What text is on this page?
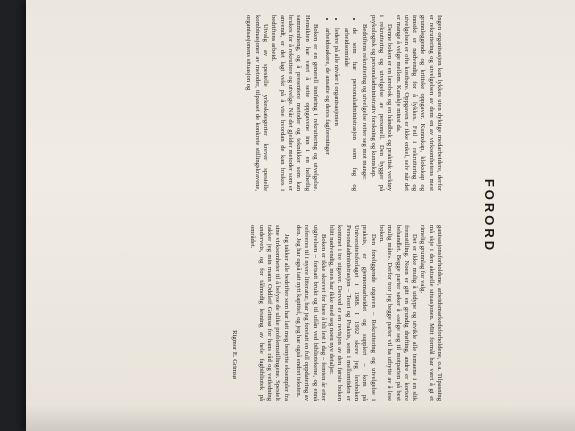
FORORD

Ingen organisasjon kan lykkes uten dyktige medarbeidere, derfor er rekruttering og utvelgelsen av dem en av virksomhetens mest grunnleggende og kritiske oppgaver. Kunnskap, klokskap og innsikt er nødvendig for å lykkes. Feil i rekruttering og utvelgelsen er ofte kostbare. Oppgaven er ikke enkel, selv når det er mange å velge mellom. Kanskje minst da.

Denne boken er en lærebok og en håndbok og praktisk verktøy i rekruttering og utvelgelse av personell. Den bygger på psykologisk og personaladministrativ forskning og kunnskap.

Bedriftens rekruttering og utvelgelse retter seg mot mange:

• de som har personaladministrasjon som fag og arbeidsområde
• ledere på alle nivåer i organisasjonen
• arbeidssøkere, de ansatte og deres fagforeninger

Boken er en generell innføring i rekruttering og utvelgelse. Hensikten har vært å sette oppgavene inn i en helhetlig sammenheng, og å presentere metoder og teknikker som kan brukes for å rekruttere og utvelge. Når det gjelder metoder som er anvendt, er det lagt vekt på å vise hvordan de kan brukes i bedriftens arbeid.

Utvalg av spesielle yrkeskategorier krever spesielle kombinasjoner av metoder, tilpasset de konkrete stillingskravene, organisasjonens situasjon og

ganisasjonsforholdene, arbeidsmarkedsforholdene, o.a. Tilpasning må skje i den aktuelle situasjonen. Mitt formål har vært å gi et rimelig grunnlag for valg.

Det er ikke mulig å utdype og utvikle alle temaene i en slik fremstilling. Noen er gitt en grundig drøfting, andre er kortere behandlet. Begge parter søker å «selge seg til motparten på best mulig måte». Derfor tror jeg begge parter vil ha utbytte av å lese boken.

Den foreliggende utgaven – Rekruttering og utvelgelse i praksis, er gjennomarbeidet og supplert – kom på Universitetsforlaget i 1988. I 1992 skrev jeg lereboken Personaladministrasjon – Teori og Praksis, som i mellomtiden er kommet i tre utgaver. Derved er en revisjon av den første boken blitt nødvendig, men har ikke med seg noen nye detaljer.

Boken er ikke skrevet for bare å bli lest i dag – femten år etter utgivelsen – fortsatt brukt og til utlån ved bibliotekene, og ennå refereres til i nyere litteratur, har jeg foretatt en full oppdatering av den. Jeg har også tatt nytt kapittel, og jeg har også endret teksten.

Jeg takker alle bedrifter som har latt meg benytte eksempler fra sine virksomheter til å belyse de ulike problemstillingene. Spesielt takker jeg min mann Oddleif Grimsø for hans råd og veiledning underveis, og for tålmodig lesning av hele fagbibliotek på området.

Rigmor E. Grimsø
